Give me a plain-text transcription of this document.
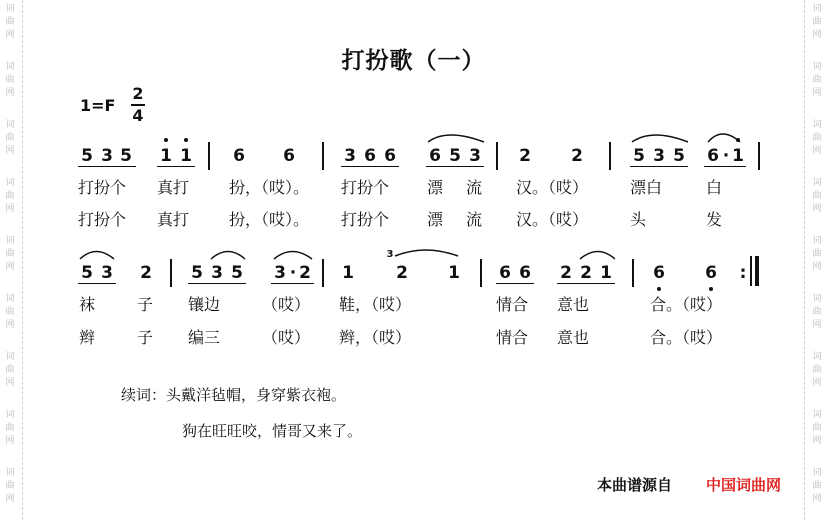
词
曲
网
词
曲
网
词
曲
网
词
曲
网
词
曲
网
词
曲
网
词
曲
网
词
曲
网
词
曲
网
词
曲
网
词
曲
网
词
曲
网
词
曲
网
词
曲
网
词
曲
网
词
曲
网
词
曲
网
词
曲
网
打扮歌（一）
1=F
2
4
5 3 5 1 1 6 6	3 6 6 6 5 3 2 2	5 3 5 6 · 1
打扮个 真打 扮，（哎）。 打扮个 漂 流 汉。（哎）	漂白	白
打扮个 真打 扮，（哎）。 打扮个 漂 流 汉。（哎）	头	发
5 3 2 5 3 5 3 · 2 1
3
2 1 6 6 2 2 1 6 6 :
袜	子 镶边	（哎） 鞋，（哎）	情合 意也	合。（哎）
辫	子 编三	（哎） 辫，（哎）	情合 意也	合。（哎）
续词：头戴洋毡帽，身穿紫衣袍。
狗在旺旺咬，情哥又来了。
本曲谱源自 中国词曲网
